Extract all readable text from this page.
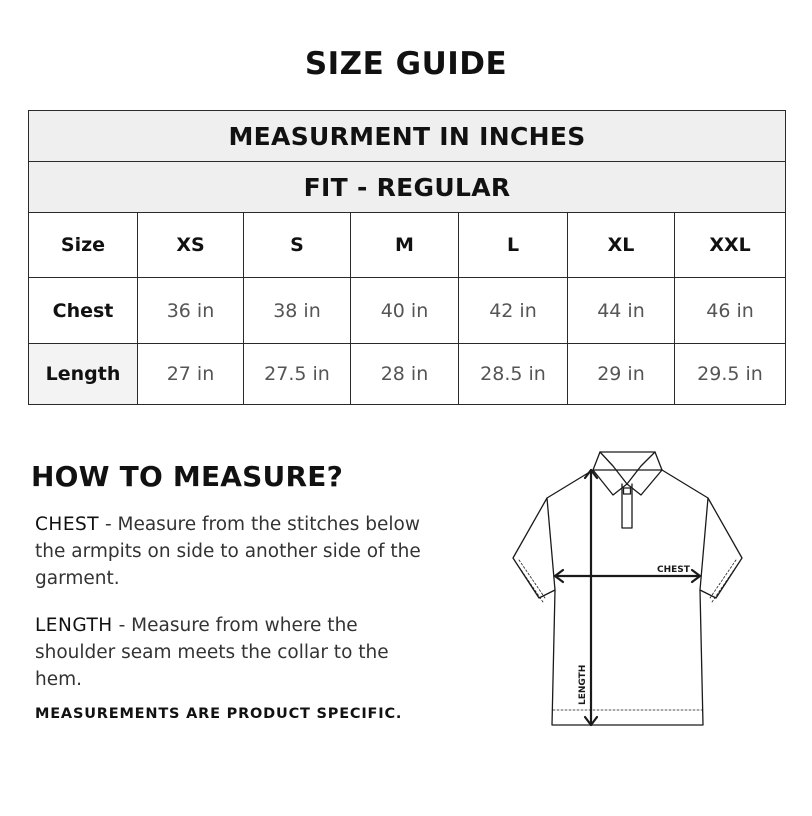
SIZE GUIDE
MEASURMENT IN INCHES						
FIT - REGULAR						
Size	XS	S	M	L	XL	XXL
Chest	36 in	38 in	40 in	42 in	44 in	46 in
Length	27 in	27.5 in	28 in	28.5 in	29 in	29.5 in
HOW TO MEASURE?
CHEST - Measure from the stitches below the armpits on side to another side of the garment.
LENGTH - Measure from where the shoulder seam meets the collar to the hem.
MEASUREMENTS ARE PRODUCT SPECIFIC.
CHEST
LENGTH
